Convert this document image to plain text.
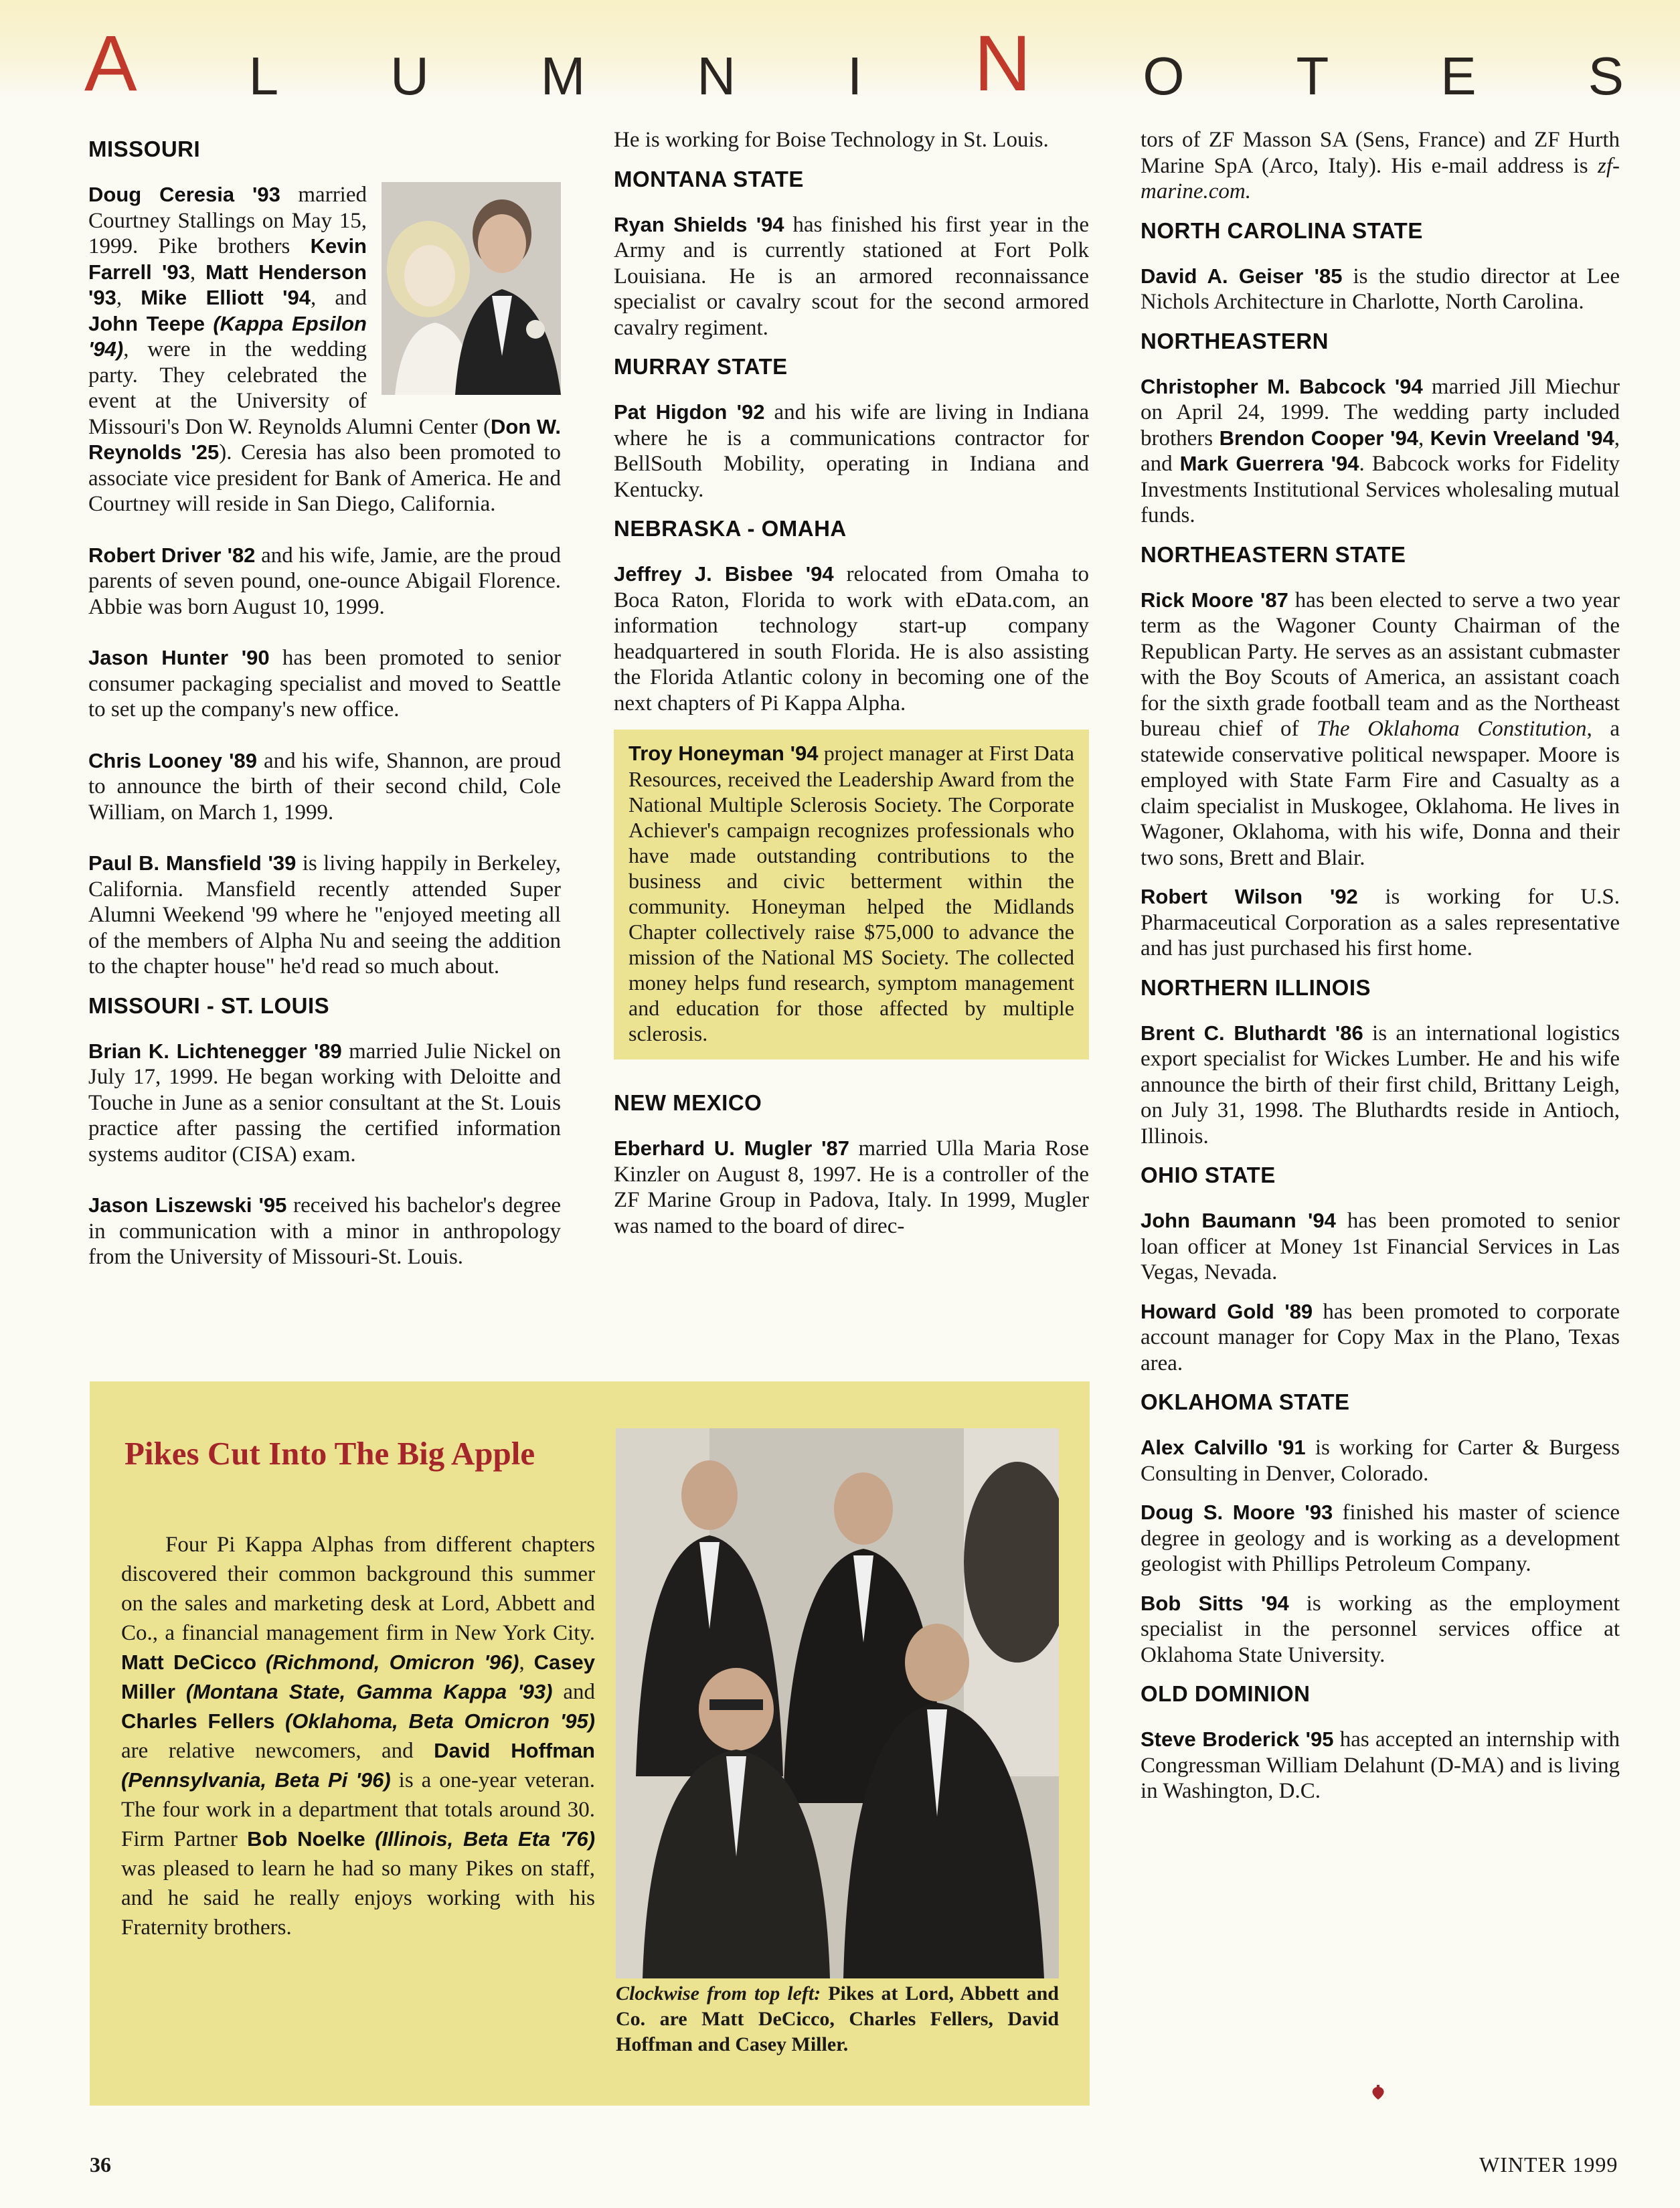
A L U M N I N O T E S
MISSOURI

Doug Ceresia '93 married Courtney Stallings on May 15, 1999. Pike brothers Kevin Farrell '93, Matt Henderson '93, Mike Elliott '94, and John Teepe (Kappa Epsilon '94), were in the wedding party. They celebrated the event at the University of Missouri's Don W. Reynolds Alumni Center (Don W. Reynolds '25). Ceresia has also been promoted to associate vice president for Bank of America. He and Courtney will reside in San Diego, California.

Robert Driver '82 and his wife, Jamie, are the proud parents of seven pound, one-ounce Abigail Florence. Abbie was born August 10, 1999.

Jason Hunter '90 has been promoted to senior consumer packaging specialist and moved to Seattle to set up the company's new office.

Chris Looney '89 and his wife, Shannon, are proud to announce the birth of their second child, Cole William, on March 1, 1999.

Paul B. Mansfield '39 is living happily in Berkeley, California. Mansfield recently attended Super Alumni Weekend '99 where he "enjoyed meeting all of the members of Alpha Nu and seeing the addition to the chapter house" he'd read so much about.

MISSOURI - ST. LOUIS

Brian K. Lichtenegger '89 married Julie Nickel on July 17, 1999. He began working with Deloitte and Touche in June as a senior consultant at the St. Louis practice after passing the certified information systems auditor (CISA) exam.

Jason Liszewski '95 received his bachelor's degree in communication with a minor in anthropology from the University of Missouri-St. Louis.

He is working for Boise Technology in St. Louis.

MONTANA STATE

Ryan Shields '94 has finished his first year in the Army and is currently stationed at Fort Polk Louisiana. He is an armored reconnaissance specialist or cavalry scout for the second armored cavalry regiment.

MURRAY STATE

Pat Higdon '92 and his wife are living in Indiana where he is a communications contractor for BellSouth Mobility, operating in Indiana and Kentucky.

NEBRASKA - OMAHA

Jeffrey J. Bisbee '94 relocated from Omaha to Boca Raton, Florida to work with eData.com, an information technology start-up company headquartered in south Florida. He is also assisting the Florida Atlantic colony in becoming one of the next chapters of Pi Kappa Alpha.

Troy Honeyman '94 project manager at First Data Resources, received the Leadership Award from the National Multiple Sclerosis Society. The Corporate Achiever's campaign recognizes professionals who have made outstanding contributions to the business and civic betterment within the community. Honeyman helped the Midlands Chapter collectively raise $75,000 to advance the mission of the National MS Society. The collected money helps fund research, symptom management and education for those affected by multiple sclerosis.

NEW MEXICO

Eberhard U. Mugler '87 married Ulla Maria Rose Kinzler on August 8, 1997. He is a controller of the ZF Marine Group in Padova, Italy. In 1999, Mugler was named to the board of direc-

tors of ZF Masson SA (Sens, France) and ZF Hurth Marine SpA (Arco, Italy). His e-mail address is zf-marine.com.

NORTH CAROLINA STATE

David A. Geiser '85 is the studio director at Lee Nichols Architecture in Charlotte, North Carolina.

NORTHEASTERN

Christopher M. Babcock '94 married Jill Miechur on April 24, 1999. The wedding party included brothers Brendon Cooper '94, Kevin Vreeland '94, and Mark Guerrera '94. Babcock works for Fidelity Investments Institutional Services wholesaling mutual funds.

NORTHEASTERN STATE

Rick Moore '87 has been elected to serve a two year term as the Wagoner County Chairman of the Republican Party. He serves as an assistant cubmaster with the Boy Scouts of America, an assistant coach for the sixth grade football team and as the Northeast bureau chief of The Oklahoma Constitution, a statewide conservative political newspaper. Moore is employed with State Farm Fire and Casualty as a claim specialist in Muskogee, Oklahoma. He lives in Wagoner, Oklahoma, with his wife, Donna and their two sons, Brett and Blair.

Robert Wilson '92 is working for U.S. Pharmaceutical Corporation as a sales representative and has just purchased his first home.

NORTHERN ILLINOIS

Brent C. Bluthardt '86 is an international logistics export specialist for Wickes Lumber. He and his wife announce the birth of their first child, Brittany Leigh, on July 31, 1998. The Bluthardts reside in Antioch, Illinois.

OHIO STATE

John Baumann '94 has been promoted to senior loan officer at Money 1st Financial Services in Las Vegas, Nevada.

Howard Gold '89 has been promoted to corporate account manager for Copy Max in the Plano, Texas area.

OKLAHOMA STATE

Alex Calvillo '91 is working for Carter & Burgess Consulting in Denver, Colorado.

Doug S. Moore '93 finished his master of science degree in geology and is working as a development geologist with Phillips Petroleum Company.

Bob Sitts '94 is working as the employment specialist in the personnel services office at Oklahoma State University.

OLD DOMINION

Steve Broderick '95 has accepted an internship with Congressman William Delahunt (D-MA) and is living in Washington, D.C.

Pikes Cut Into The Big Apple

Four Pi Kappa Alphas from different chapters discovered their common background this summer on the sales and marketing desk at Lord, Abbett and Co., a financial management firm in New York City. Matt DeCicco (Richmond, Omicron '96), Casey Miller (Montana State, Gamma Kappa '93) and Charles Fellers (Oklahoma, Beta Omicron '95) are relative newcomers, and David Hoffman (Pennsylvania, Beta Pi '96) is a one-year veteran. The four work in a department that totals around 30. Firm Partner Bob Noelke (Illinois, Beta Eta '76) was pleased to learn he had so many Pikes on staff, and he said he really enjoys working with his Fraternity brothers.

Clockwise from top left: Pikes at Lord, Abbett and Co. are Matt DeCicco, Charles Fellers, David Hoffman and Casey Miller.
36	WINTER 1999
